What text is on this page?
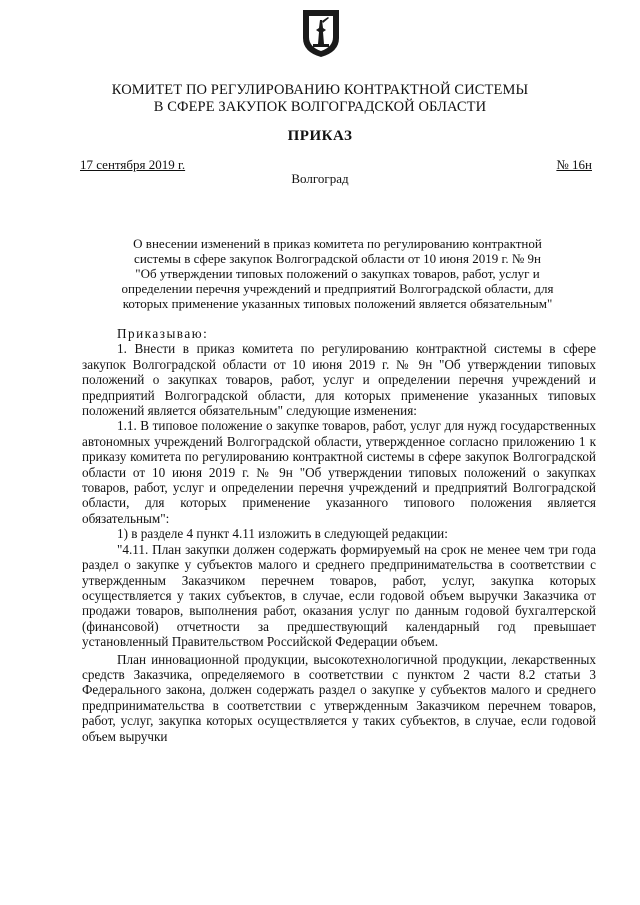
КОМИТЕТ ПО РЕГУЛИРОВАНИЮ КОНТРАКТНОЙ СИСТЕМЫ
В СФЕРЕ ЗАКУПОК ВОЛГОГРАДСКОЙ ОБЛАСТИ
ПРИКАЗ
17 сентября 2019 г.	№ 16н
Волгоград
О внесении изменений в приказ комитета по регулированию контрактной
системы в сфере закупок Волгоградской области от 10 июня 2019 г. № 9н
"Об утверждении типовых положений о закупках товаров, работ, услуг и
определении перечня учреждений и предприятий Волгоградской области, для
которых применение указанных типовых положений является обязательным"

Приказываю:

1. Внести в приказ комитета по регулированию контрактной системы в сфере закупок Волгоградской области от 10 июня 2019 г. № 9н "Об утверждении типовых положений о закупках товаров, работ, услуг и определении перечня учреждений и предприятий Волгоградской области, для которых применение указанных типовых положений является обязательным" следующие изменения:

1.1. В типовое положение о закупке товаров, работ, услуг для нужд государственных автономных учреждений Волгоградской области, утвержденное согласно приложению 1 к приказу комитета по регулированию контрактной системы в сфере закупок Волгоградской области от 10 июня 2019 г. № 9н "Об утверждении типовых положений о закупках товаров, работ, услуг и определении перечня учреждений и предприятий Волгоградской области, для которых применение указанного типового положения является обязательным":

1) в разделе 4 пункт 4.11 изложить в следующей редакции:

"4.11. План закупки должен содержать формируемый на срок не менее чем три года раздел о закупке у субъектов малого и среднего предпринимательства в соответствии с утвержденным Заказчиком перечнем товаров, работ, услуг, закупка которых осуществляется у таких субъектов, в случае, если годовой объем выручки Заказчика от продажи товаров, выполнения работ, оказания услуг по данным годовой бухгалтерской (финансовой) отчетности за предшествующий календарный год превышает установленный Правительством Российской Федерации объем.

План инновационной продукции, высокотехнологичной продукции, лекарственных средств Заказчика, определяемого в соответствии с пунктом 2 части 8.2 статьи 3 Федерального закона, должен содержать раздел о закупке у субъектов малого и среднего предпринимательства в соответствии с утвержденным Заказчиком перечнем товаров, работ, услуг, закупка которых осуществляется у таких субъектов, в случае, если годовой объем выручки
